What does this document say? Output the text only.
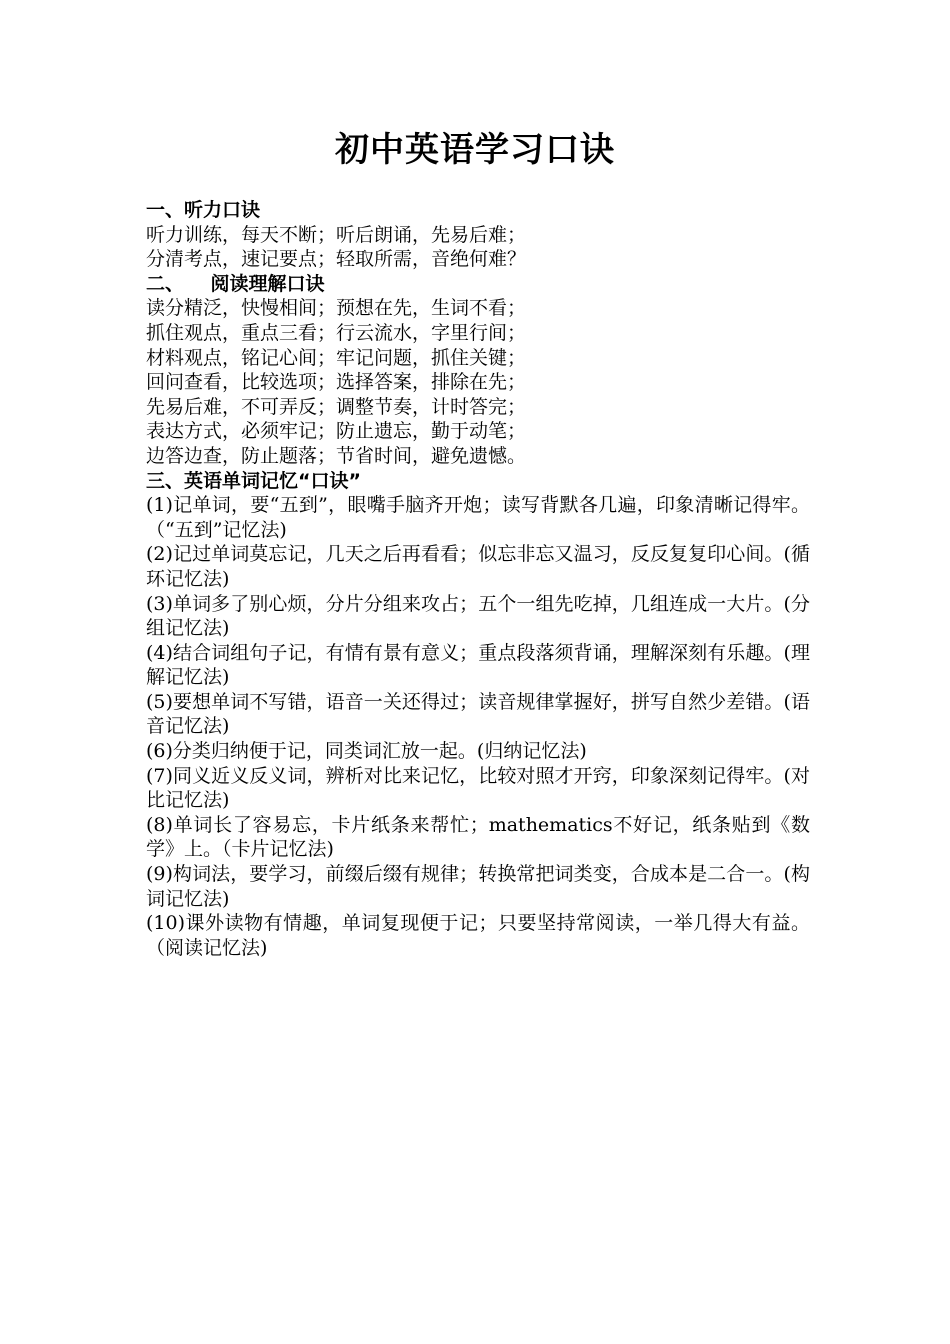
初中英语学习口诀
一、听力口诀
听力训练，每天不断；听后朗诵，先易后难；
分清考点，速记要点；轻取所需，音绝何难？
二、    阅读理解口诀
读分精泛，快慢相间；预想在先，生词不看；
抓住观点，重点三看；行云流水，字里行间；
材料观点，铭记心间；牢记问题，抓住关键；
回问查看，比较选项；选择答案，排除在先；
先易后难，不可弄反；调整节奏，计时答完；
表达方式，必须牢记；防止遗忘，勤于动笔；
边答边查，防止题落；节省时间，避免遗憾。
三、英语单词记忆“口诀”
(1)记单词，要“五到”，眼嘴手脑齐开炮；读写背默各几遍，印象清晰记得牢。（“五到”记忆法)
(2)记过单词莫忘记，几天之后再看看；似忘非忘又温习，反反复复印心间。(循环记忆法)
(3)单词多了别心烦，分片分组来攻占；五个一组先吃掉，几组连成一大片。(分组记忆法)
(4)结合词组句子记，有情有景有意义；重点段落须背诵，理解深刻有乐趣。(理解记忆法)
(5)要想单词不写错，语音一关还得过；读音规律掌握好，拼写自然少差错。(语音记忆法)
(6)分类归纳便于记，同类词汇放一起。(归纳记忆法)
(7)同义近义反义词，辨析对比来记忆，比较对照才开窍，印象深刻记得牢。(对比记忆法)
(8)单词长了容易忘，卡片纸条来帮忙；mathematics不好记，纸条贴到《数学》上。（卡片记忆法)
(9)构词法，要学习，前缀后缀有规律；转换常把词类变，合成本是二合一。(构词记忆法)
(10)课外读物有情趣，单词复现便于记；只要坚持常阅读，一举几得大有益。（阅读记忆法)
